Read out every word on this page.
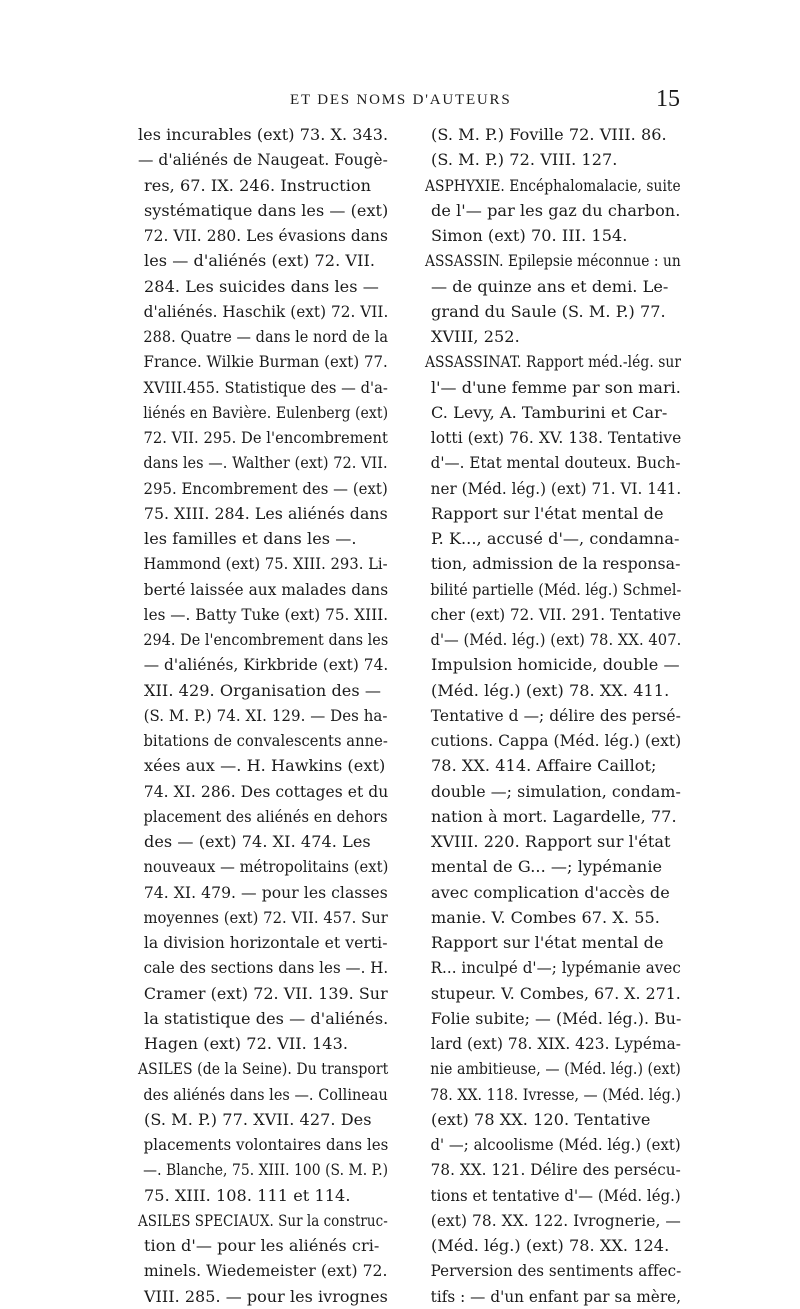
ET DES NOMS D'AUTEURS	15
les incurables (ext) 73. X. 343.
— d'aliénés de Naugeat. Fougè-
res, 67. IX. 246. Instruction
systématique dans les — (ext)
72. VII. 280. Les évasions dans
les — d'aliénés (ext) 72. VII.
284. Les suicides dans les —
d'aliénés. Haschik (ext) 72. VII.
288. Quatre — dans le nord de la
France. Wilkie Burman (ext) 77.
XVIII.455. Statistique des — d'a-
liénés en Bavière. Eulenberg (ext)
72. VII. 295. De l'encombrement
dans les —. Walther (ext) 72. VII.
295. Encombrement des — (ext)
75. XIII. 284. Les aliénés dans
les familles et dans les —.
Hammond (ext) 75. XIII. 293. Li-
berté laissée aux malades dans
les —. Batty Tuke (ext) 75. XIII.
294. De l'encombrement dans les
— d'aliénés, Kirkbride (ext) 74.
XII. 429. Organisation des —
(S. M. P.) 74. XI. 129. — Des ha-
bitations de convalescents anne-
xées aux —. H. Hawkins (ext)
74. XI. 286. Des cottages et du
placement des aliénés en dehors
des — (ext) 74. XI. 474. Les
nouveaux — métropolitains (ext)
74. XI. 479. — pour les classes
moyennes (ext) 72. VII. 457. Sur
la division horizontale et verti-
cale des sections dans les —. H.
Cramer (ext) 72. VII. 139. Sur
la statistique des — d'aliénés.
Hagen (ext) 72. VII. 143.
ASILES (de la Seine). Du transport
des aliénés dans les —. Collineau
(S. M. P.) 77. XVII. 427. Des
placements volontaires dans les
—. Blanche, 75. XIII. 100 (S. M. P.)
75. XIII. 108. 111 et 114.
ASILES SPECIAUX. Sur la construc-
tion d'— pour les aliénés cri-
minels. Wiedemeister (ext) 72.
VIII. 285. — pour les ivrognes
(S. M. P.) Foville 72. VIII. 86.
(S. M. P.) 72. VIII. 127.
ASPHYXIE. Encéphalomalacie, suite
de l'— par les gaz du charbon.
Simon (ext) 70. III. 154.
ASSASSIN. Epilepsie méconnue : un
— de quinze ans et demi. Le-
grand du Saule (S. M. P.) 77.
XVIII, 252.
ASSASSINAT. Rapport méd.-lég. sur
l'— d'une femme par son mari.
C. Levy, A. Tamburini et Car-
lotti (ext) 76. XV. 138. Tentative
d'—. Etat mental douteux. Buch-
ner (Méd. lég.) (ext) 71. VI. 141.
Rapport sur l'état mental de
P. K..., accusé d'—, condamna-
tion, admission de la responsa-
bilité partielle (Méd. lég.) Schmel-
cher (ext) 72. VII. 291. Tentative
d'— (Méd. lég.) (ext) 78. XX. 407.
Impulsion homicide, double —
(Méd. lég.) (ext) 78. XX. 411.
Tentative d —; délire des persé-
cutions. Cappa (Méd. lég.) (ext)
78. XX. 414. Affaire Caillot;
double —; simulation, condam-
nation à mort. Lagardelle, 77.
XVIII. 220. Rapport sur l'état
mental de G... —; lypémanie
avec complication d'accès de
manie. V. Combes 67. X. 55.
Rapport sur l'état mental de
R... inculpé d'—; lypémanie avec
stupeur. V. Combes, 67. X. 271.
Folie subite; — (Méd. lég.). Bu-
lard (ext) 78. XIX. 423. Lypéma-
nie ambitieuse, — (Méd. lég.) (ext)
78. XX. 118. Ivresse, — (Méd. lég.)
(ext) 78 XX. 120. Tentative
d' —; alcoolisme (Méd. lég.) (ext)
78. XX. 121. Délire des persécu-
tions et tentative d'— (Méd. lég.)
(ext) 78. XX. 122. Ivrognerie, —
(Méd. lég.) (ext) 78. XX. 124.
Perversion des sentiments affec-
tifs : — d'un enfant par sa mère,
